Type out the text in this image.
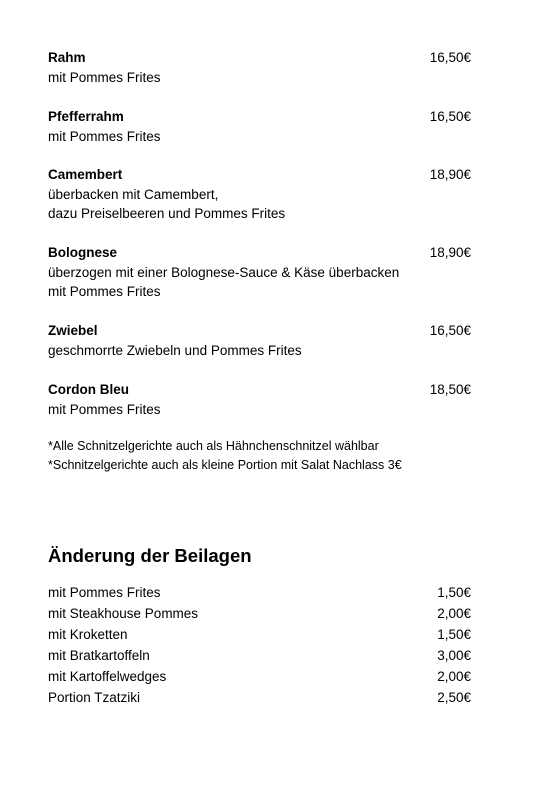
Rahm	16,50€
mit Pommes Frites
Pfefferrahm	16,50€
mit Pommes Frites
Camembert	18,90€
überbacken mit Camembert,
dazu Preiselbeeren und Pommes Frites
Bolognese	18,90€
überzogen mit einer Bolognese-Sauce & Käse überbacken
mit Pommes Frites
Zwiebel	16,50€
geschmorrte Zwiebeln und Pommes Frites
Cordon Bleu	18,50€
mit Pommes Frites
*Alle Schnitzelgerichte auch als Hähnchenschnitzel wählbar
*Schnitzelgerichte auch als kleine Portion mit Salat Nachlass 3€
Änderung der Beilagen
mit Pommes Frites	1,50€
mit Steakhouse Pommes	2,00€
mit Kroketten	1,50€
mit Bratkartoffeln	3,00€
mit Kartoffelwedges	2,00€
Portion Tzatziki	2,50€
